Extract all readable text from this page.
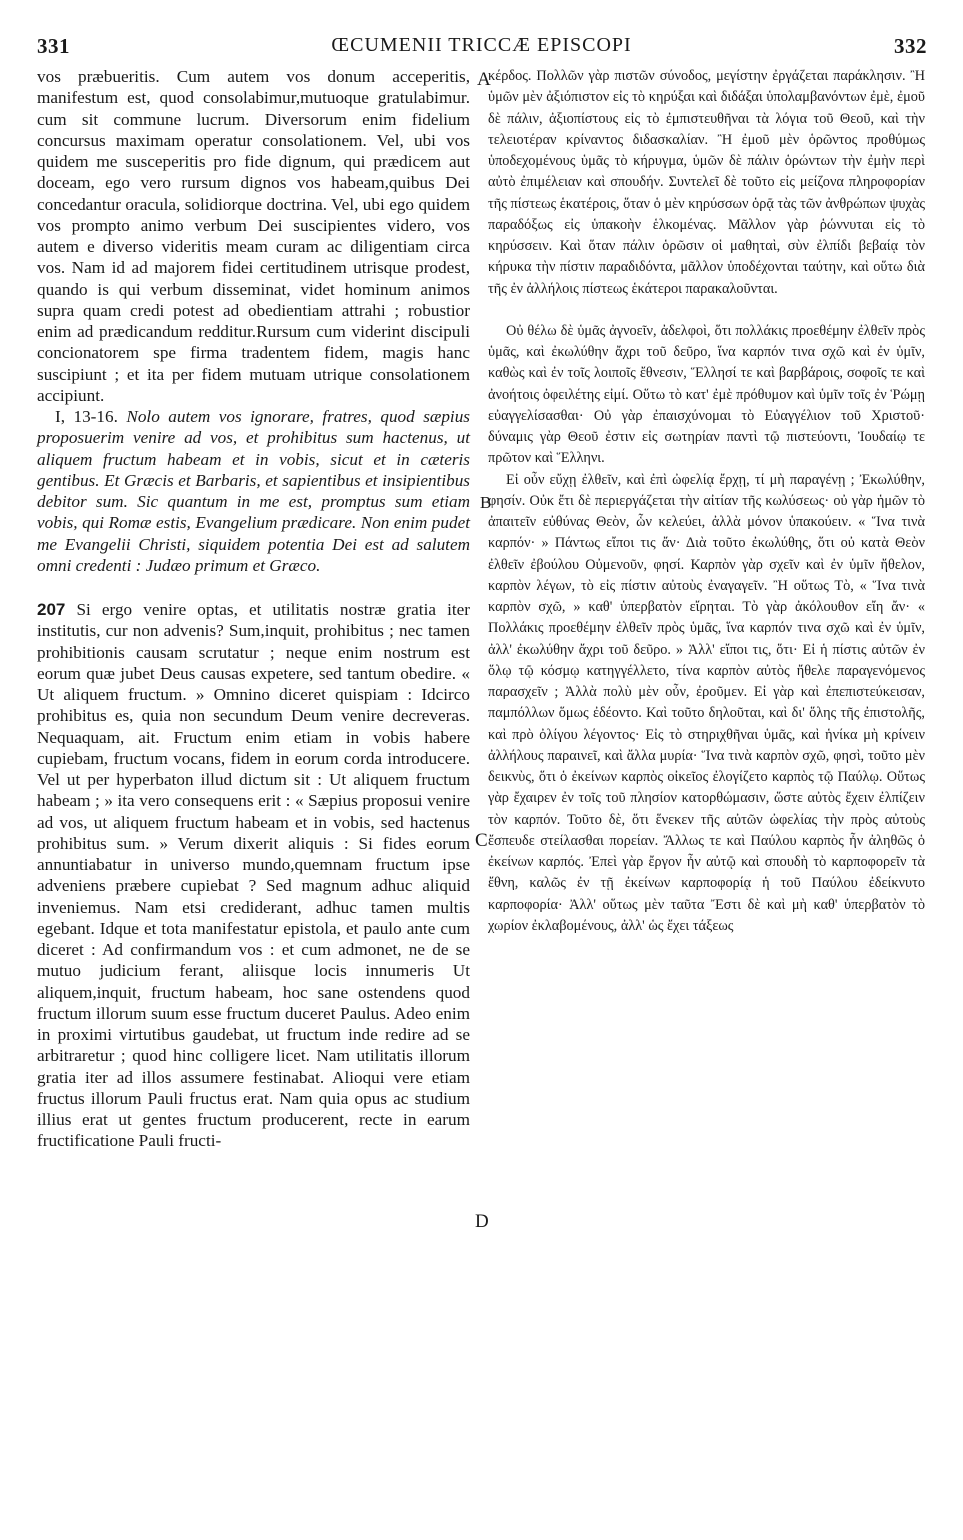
331	ŒCUMENII TRICCÆ EPISCOPI	332

vos præbueritis. Cum autem vos donum acceperitis, manifestum est, quod consolabimur,mutuoque gratulabimur. cum sit commune lucrum. Diversorum enim fidelium concursus maximam operatur consolationem. Vel, ubi vos quidem me susceperitis pro fide dignum, qui prædicem aut doceam, ego vero rursum dignos vos habeam,quibus Dei concedantur oracula, solidiorque doctrina. Vel, ubi ego quidem vos prompto animo verbum Dei suscipientes videro, vos autem e diverso videritis meam curam ac diligentiam circa vos. Nam id ad majorem fidei certitudinem utrisque prodest, quando is qui verbum disseminat, videt hominum animos supra quam credi potest ad obedientiam attrahi ; robustior enim ad prædicandum redditur.Rursum cum viderint discipuli concionatorem spe firma tradentem fidem, magis hanc suscipiunt ; et ita per fidem mutuam utrique consolationem accipiunt.

I, 13-16. Nolo autem vos ignorare, fratres, quod sæpius proposuerim venire ad vos, et prohibitus sum hactenus, ut aliquem fructum habeam et in vobis, sicut et in cæteris gentibus. Et Græcis et Barbaris, et sapientibus et insipientibus debitor sum. Sic quantum in me est, promptus sum etiam vobis, qui Romæ estis, Evangelium prædicare. Non enim pudet me Evangelii Christi, siquidem potentia Dei est ad salutem omni credenti : Judæo primum et Græco.

207 Si ergo venire optas, et utilitatis nostræ gratia iter institutis, cur non advenis? Sum,inquit, prohibitus ; nec tamen prohibitionis causam scrutatur ; neque enim nostrum est eorum quæ jubet Deus causas expetere, sed tantum obedire. « Ut aliquem fructum. » Omnino diceret quispiam : Idcirco prohibitus es, quia non secundum Deum venire decreveras. Nequaquam, ait. Fructum enim etiam in vobis habere cupiebam, fructum vocans, fidem in eorum corda introducere. Vel ut per hyperbaton illud dictum sit : Ut aliquem fructum habeam ; » ita vero consequens erit : « Sæpius proposui venire ad vos, ut aliquem fructum habeam et in vobis, sed hactenus prohibitus sum. » Verum dixerit aliquis : Si fides eorum annuntiabatur in universo mundo,quemnam fructum ipse adveniens præbere cupiebat ? Sed magnum adhuc aliquid inveniemus. Nam etsi crediderant, adhuc tamen multis egebant. Idque et tota manifestatur epistola, et paulo ante cum diceret : Ad confirmandum vos : et cum admonet, ne de se mutuo judicium ferant, aliisque locis innumeris Ut aliquem,inquit, fructum habeam, hoc sane ostendens quod fructum illorum suum esse fructum duceret Paulus. Adeo enim in proximi virtutibus gaudebat, ut fructum inde redire ad se arbitraretur ; quod hinc colligere licet. Nam utilitatis illorum gratia iter ad illos assumere festinabat. Alioqui vere etiam fructus illorum Pauli fructus erat. Nam quia opus ac studium illius erat ut gentes fructum producerent, recte in earum fructificatione Pauli fructi-

A
B
C
D

κέρδος. Πολλῶν γὰρ πιστῶν σύνοδος, μεγίστην ἐργάζεται παράκλησιν. Ἢ ὑμῶν μὲν ἀξιόπιστον εἰς τὸ κηρύξαι καὶ διδάξαι ὑπολαμβανόντων ἐμὲ, ἐμοῦ δὲ πάλιν, ἀξιοπίστους εἰς τὸ ἐμπιστευθῆναι τὰ λόγια τοῦ Θεοῦ, καὶ τὴν τελειοτέραν κρίναντος διδασκαλίαν. Ἢ ἐμοῦ μὲν ὁρῶντος προθύμως ὑποδεχομένους ὑμᾶς τὸ κήρυγμα, ὑμῶν δὲ πάλιν ὁρώντων τὴν ἐμὴν περὶ αὐτὸ ἐπιμέλειαν καὶ σπουδήν. Συντελεῖ δὲ τοῦτο εἰς μείζονα πληροφορίαν τῆς πίστεως ἑκατέροις, ὅταν ὁ μὲν κηρύσσων ὁρᾷ τὰς τῶν ἀνθρώπων ψυχὰς παραδόξως εἰς ὑπακοὴν ἑλκομένας. Μᾶλλον γὰρ ῥώννυται εἰς τὸ κηρύσσειν. Καὶ ὅταν πάλιν ὁρῶσιν οἱ μαθηταὶ, σὺν ἐλπίδι βεβαίᾳ τὸν κήρυκα τὴν πίστιν παραδιδόντα, μᾶλλον ὑποδέχονται ταύτην, καὶ οὕτω διὰ τῆς ἐν ἀλλήλοις πίστεως ἑκάτεροι παρακαλοῦνται.

Οὐ θέλω δὲ ὑμᾶς ἀγνοεῖν, ἀδελφοὶ, ὅτι πολλάκις προεθέμην ἐλθεῖν πρὸς ὑμᾶς, καὶ ἐκωλύθην ἄχρι τοῦ δεῦρο, ἵνα καρπόν τινα σχῶ καὶ ἐν ὑμῖν, καθὼς καὶ ἐν τοῖς λοιποῖς ἔθνεσιν, Ἕλλησί τε καὶ βαρβάροις, σοφοῖς τε καὶ ἀνοήτοις ὀφειλέτης εἰμί. Οὕτω τὸ κατ' ἐμὲ πρόθυμον καὶ ὑμῖν τοῖς ἐν Ῥώμῃ εὐαγγελίσασθαι· Οὐ γὰρ ἐπαισχύνομαι τὸ Εὐαγγέλιον τοῦ Χριστοῦ· δύναμις γὰρ Θεοῦ ἐστιν εἰς σωτηρίαν παντὶ τῷ πιστεύοντι, Ἰουδαίῳ τε πρῶτον καὶ Ἕλληνι.

Εἰ οὖν εὔχῃ ἐλθεῖν, καὶ ἐπὶ ὠφελίᾳ ἔρχῃ, τί μὴ παραγένῃ ; Ἐκωλύθην, φησίν. Οὐκ ἔτι δὲ περιεργάζεται τὴν αἰτίαν τῆς κωλύσεως· οὐ γὰρ ἡμῶν τὸ ἀπαιτεῖν εὐθύνας Θεὸν, ὧν κελεύει, ἀλλὰ μόνον ὑπακούειν. « Ἵνα τινὰ καρπόν· » Πάντως εἴποι τις ἄν· Διὰ τοῦτο ἐκωλύθης, ὅτι οὐ κατὰ Θεὸν ἐλθεῖν ἐβούλου Οὐμενοῦν, φησί. Καρπὸν γὰρ σχεῖν καὶ ἐν ὑμῖν ἤθελον, καρπὸν λέγων, τὸ εἰς πίστιν αὐτοὺς ἐναγαγεῖν. Ἢ οὕτως Τὸ, « Ἵνα τινὰ καρπὸν σχῶ, » καθ' ὑπερβατὸν εἴρηται. Τὸ γὰρ ἀκόλουθον εἴη ἄν· « Πολλάκις προεθέμην ἐλθεῖν πρὸς ὑμᾶς, ἵνα καρπόν τινα σχῶ καὶ ἐν ὑμῖν, ἀλλ' ἐκωλύθην ἄχρι τοῦ δεῦρο. » Ἀλλ' εἴποι τις, ὅτι· Εἰ ἡ πίστις αὐτῶν ἐν ὅλῳ τῷ κόσμῳ κατηγγέλλετο, τίνα καρπὸν αὐτὸς ἤθελε παραγενόμενος παρασχεῖν ; Ἀλλὰ πολὺ μὲν οὖν, ἐροῦμεν. Εἰ γὰρ καὶ ἐπεπιστεύκεισαν, παμπόλλων ὅμως ἐδέοντο. Καὶ τοῦτο δηλοῦται, καὶ δι' ὅλης τῆς ἐπιστολῆς, καὶ πρὸ ὀλίγου λέγοντος· Εἰς τὸ στηριχθῆναι ὑμᾶς, καὶ ἡνίκα μὴ κρίνειν ἀλλήλους παραινεῖ, καὶ ἄλλα μυρία· Ἵνα τινὰ καρπὸν σχῶ, φησὶ, τοῦτο μὲν δεικνὺς, ὅτι ὁ ἐκείνων καρπὸς οἰκεῖος ἐλογίζετο καρπὸς τῷ Παύλῳ. Οὕτως γὰρ ἔχαιρεν ἐν τοῖς τοῦ πλησίον κατορθώμασιν, ὥστε αὐτὸς ἔχειν ἐλπίζειν τὸν καρπόν. Τοῦτο δὲ, ὅτι ἕνεκεν τῆς αὐτῶν ὠφελίας τὴν πρὸς αὐτοὺς ἔσπευδε στείλασθαι πορείαν. Ἄλλως τε καὶ Παύλου καρπὸς ἦν ἀληθῶς ὁ ἐκείνων καρπός. Ἐπεὶ γὰρ ἔργον ἦν αὐτῷ καὶ σπουδὴ τὸ καρποφορεῖν τὰ ἔθνη, καλῶς ἐν τῇ ἐκείνων καρποφορίᾳ ἡ τοῦ Παύλου ἐδείκνυτο καρποφορία· Ἀλλ' οὕτως μὲν ταῦτα Ἔστι δὲ καὶ μὴ καθ' ὑπερβατὸν τὸ χωρίον ἐκλαβομένους, ἀλλ' ὡς ἔχει τάξεως
